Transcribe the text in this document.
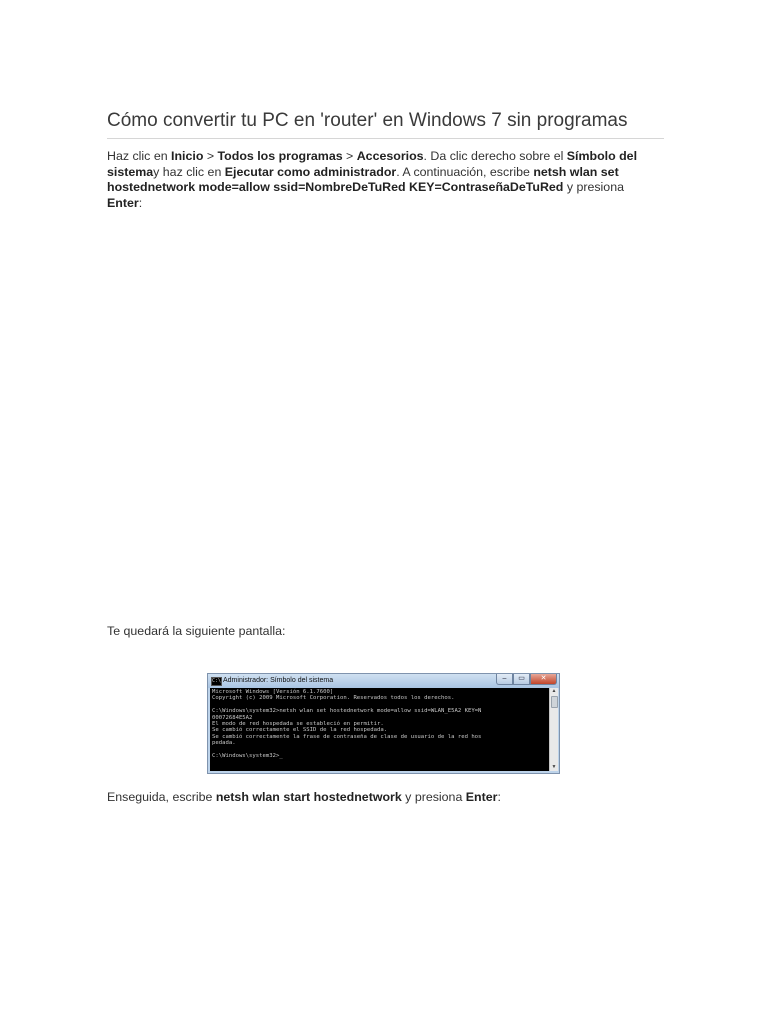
Cómo convertir tu PC en 'router' en Windows 7 sin programas

Haz clic en Inicio > Todos los programas > Accesorios. Da clic derecho sobre el Símbolo del sistemay haz clic en Ejecutar como administrador. A continuación, escribe netsh wlan set hostednetwork mode=allow ssid=NombreDeTuRed KEY=ContraseñaDeTuRed y presiona Enter:

Te quedará la siguiente pantalla:

C:\ Administrador: Símbolo del sistema	–	▭	✕
Microsoft Windows [Versión 6.1.7600]
Copyright (c) 2009 Microsoft Corporation. Reservados todos los derechos.
C:\Windows\system32>netsh wlan set hostednetwork mode=allow ssid=WLAN_E5A2 KEY=N
00072684E5A2
El modo de red hospedada se estableció en permitir.
Se cambió correctamente el SSID de la red hospedada.
Se cambió correctamente la frase de contraseña de clase de usuario de la red hos
pedada.
C:\Windows\system32>_
▲
▼

Enseguida, escribe netsh wlan start hostednetwork y presiona Enter:
